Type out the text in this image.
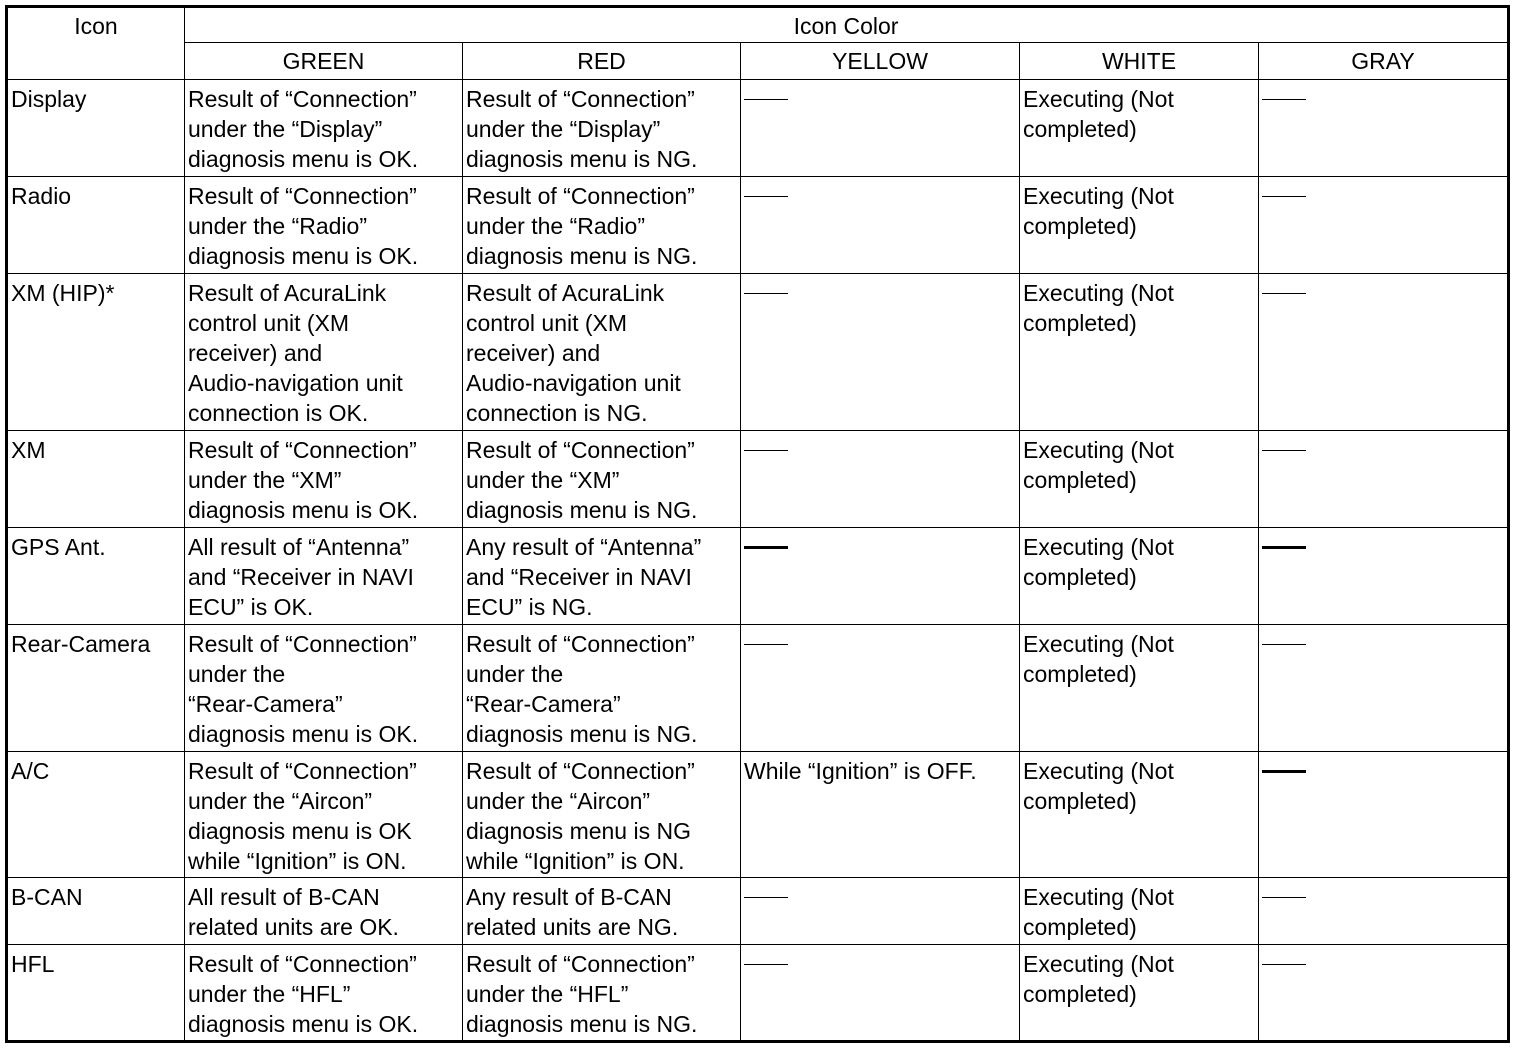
Icon	Icon Color				
	GREEN	RED	YELLOW	WHITE	GRAY
Display	Result of “Connection”
under the “Display”
diagnosis menu is OK.	Result of “Connection”
under the “Display”
diagnosis menu is NG.		Executing (Not
completed)	

Radio	Result of “Connection”
under the “Radio”
diagnosis menu is OK.	Result of “Connection”
under the “Radio”
diagnosis menu is NG.		Executing (Not
completed)	

XM (HIP)*	Result of AcuraLink
control unit (XM
receiver) and
Audio-navigation unit
connection is OK.	Result of AcuraLink
control unit (XM
receiver) and
Audio-navigation unit
connection is NG.		Executing (Not
completed)	

XM	Result of “Connection”
under the “XM”
diagnosis menu is OK.	Result of “Connection”
under the “XM”
diagnosis menu is NG.		Executing (Not
completed)	

GPS Ant.	All result of “Antenna”
and “Receiver in NAVI
ECU” is OK.	Any result of “Antenna”
and “Receiver in NAVI
ECU” is NG.		Executing (Not
completed)	

Rear-Camera	Result of “Connection”
under the
“Rear-Camera”
diagnosis menu is OK.	Result of “Connection”
under the
“Rear-Camera”
diagnosis menu is NG.		Executing (Not
completed)	

A/C	Result of “Connection”
under the “Aircon”
diagnosis menu is OK
while “Ignition” is ON.	Result of “Connection”
under the “Aircon”
diagnosis menu is NG
while “Ignition” is ON.	While “Ignition” is OFF.	Executing (Not
completed)	

B-CAN	All result of B-CAN
related units are OK.	Any result of B-CAN
related units are NG.		Executing (Not
completed)	

HFL	Result of “Connection”
under the “HFL”
diagnosis menu is OK.	Result of “Connection”
under the “HFL”
diagnosis menu is NG.		Executing (Not
completed)	
